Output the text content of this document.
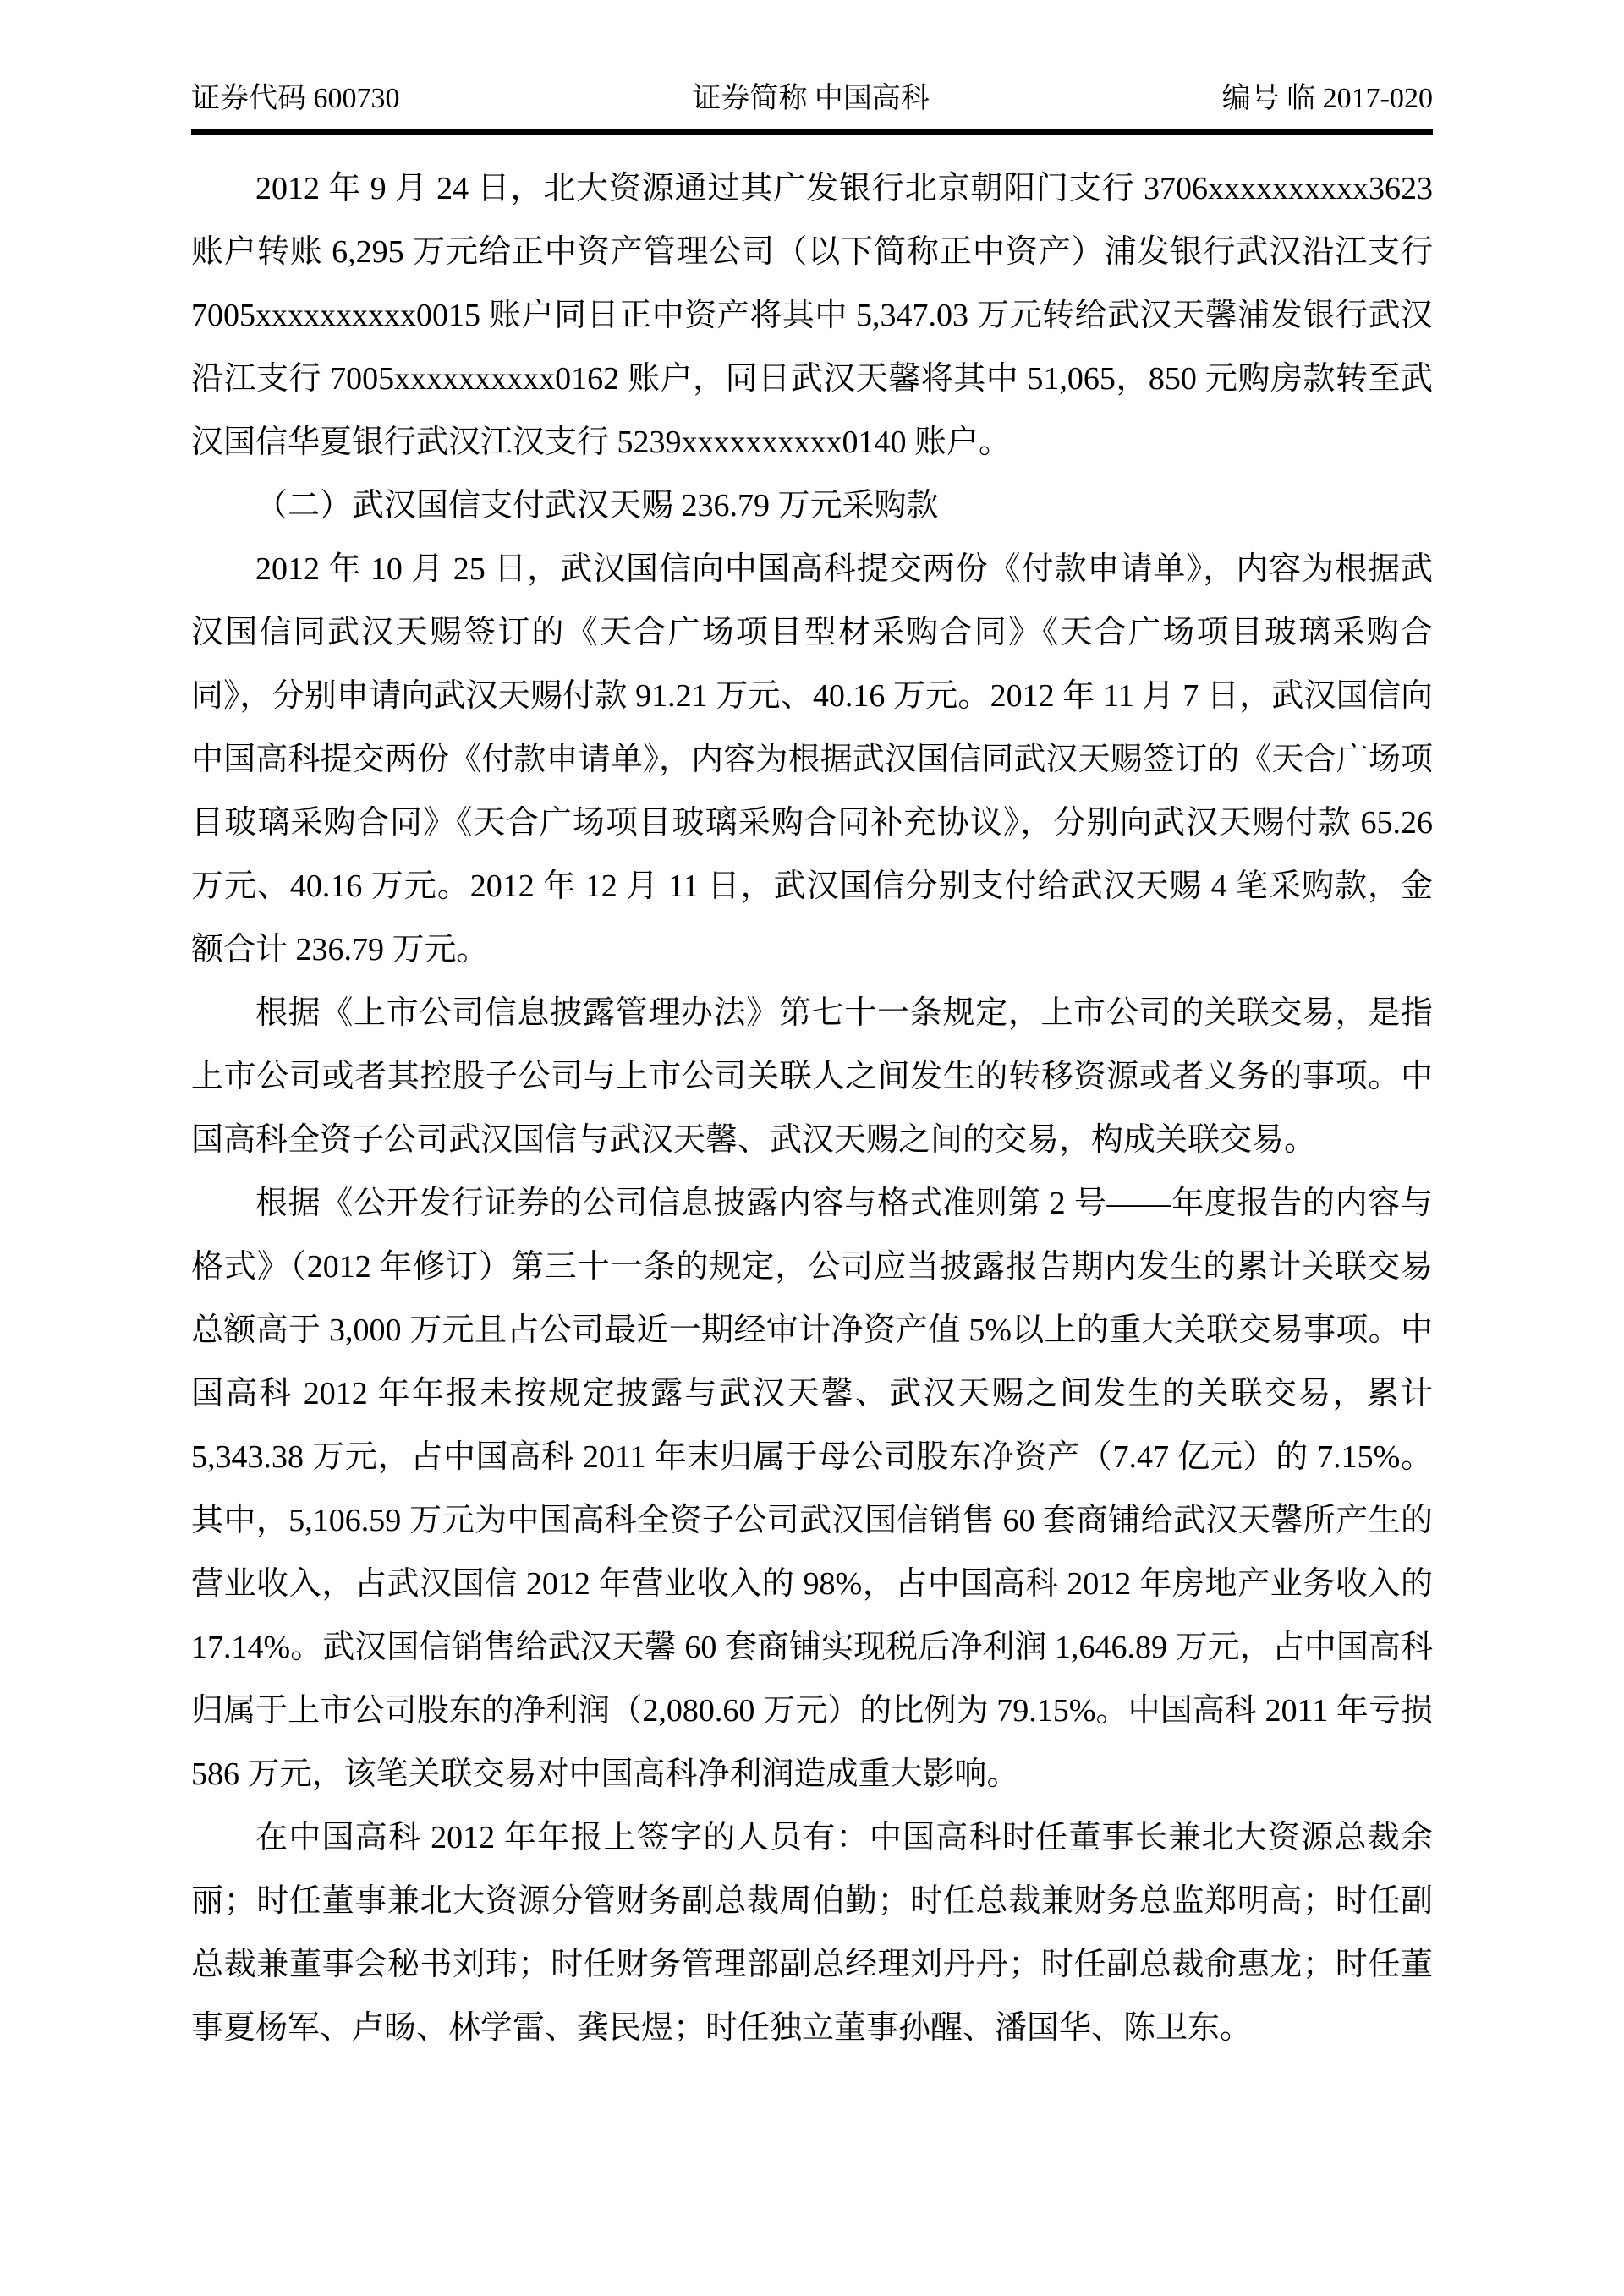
证券代码 600730	证券简称 中国高科	编号 临 2017-020

2012 年 9 月 24 日，北大资源通过其广发银行北京朝阳门支行 3706xxxxxxxxxx3623 账户转账 6,295 万元给正中资产管理公司（以下简称正中资产）浦发银行武汉沿江支行 7005xxxxxxxxxx0015 账户同日正中资产将其中 5,347.03 万元转给武汉天馨浦发银行武汉沿江支行 7005xxxxxxxxxx0162 账户，同日武汉天馨将其中 51,065，850 元购房款转至武汉国信华夏银行武汉江汉支行 5239xxxxxxxxxx0140 账户。

（二）武汉国信支付武汉天赐 236.79 万元采购款

2012 年 10 月 25 日，武汉国信向中国高科提交两份《付款申请单》，内容为根据武汉国信同武汉天赐签订的《天合广场项目型材采购合同》《天合广场项目玻璃采购合同》，分别申请向武汉天赐付款 91.21 万元、40.16 万元。2012 年 11 月 7 日，武汉国信向中国高科提交两份《付款申请单》，内容为根据武汉国信同武汉天赐签订的《天合广场项目玻璃采购合同》《天合广场项目玻璃采购合同补充协议》，分别向武汉天赐付款 65.26 万元、40.16 万元。2012 年 12 月 11 日，武汉国信分别支付给武汉天赐 4 笔采购款，金额合计 236.79 万元。

根据《上市公司信息披露管理办法》第七十一条规定，上市公司的关联交易，是指上市公司或者其控股子公司与上市公司关联人之间发生的转移资源或者义务的事项。中国高科全资子公司武汉国信与武汉天馨、武汉天赐之间的交易，构成关联交易。

根据《公开发行证券的公司信息披露内容与格式准则第 2 号——年度报告的内容与格式》（2012 年修订）第三十一条的规定，公司应当披露报告期内发生的累计关联交易总额高于 3,000 万元且占公司最近一期经审计净资产值 5%以上的重大关联交易事项。中国高科 2012 年年报未按规定披露与武汉天馨、武汉天赐之间发生的关联交易，累计 5,343.38 万元，占中国高科 2011 年末归属于母公司股东净资产（7.47 亿元）的 7.15%。其中，5,106.59 万元为中国高科全资子公司武汉国信销售 60 套商铺给武汉天馨所产生的营业收入，占武汉国信 2012 年营业收入的 98%，占中国高科 2012 年房地产业务收入的 17.14%。武汉国信销售给武汉天馨 60 套商铺实现税后净利润 1,646.89 万元，占中国高科归属于上市公司股东的净利润（2,080.60 万元）的比例为 79.15%。中国高科 2011 年亏损 586 万元，该笔关联交易对中国高科净利润造成重大影响。

在中国高科 2012 年年报上签字的人员有：中国高科时任董事长兼北大资源总裁余丽；时任董事兼北大资源分管财务副总裁周伯勤；时任总裁兼财务总监郑明高；时任副总裁兼董事会秘书刘玮；时任财务管理部副总经理刘丹丹；时任副总裁俞惠龙；时任董事夏杨军、卢旸、林学雷、龚民煜；时任独立董事孙醒、潘国华、陈卫东。
